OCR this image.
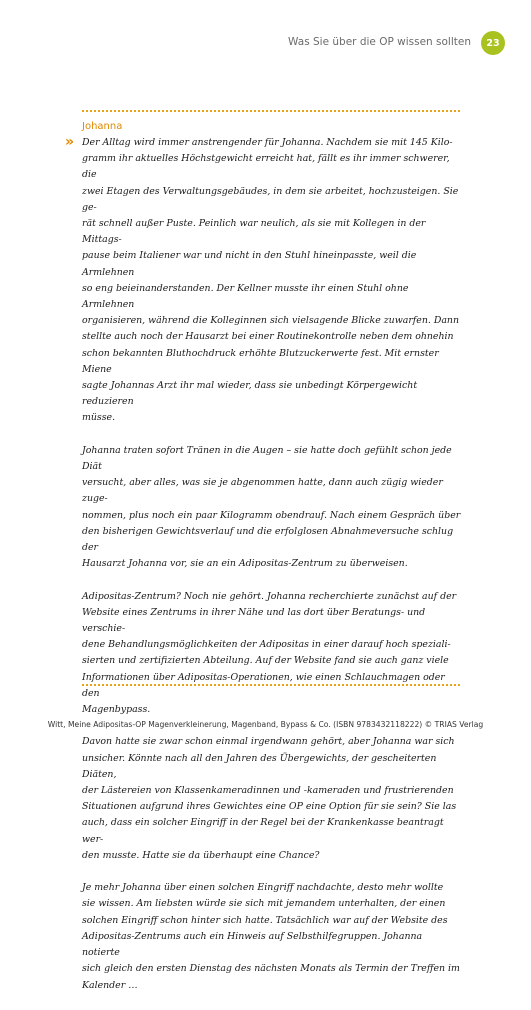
Was Sie über die OP wissen sollten	23
Johanna
» Der Alltag wird immer anstrengender für Johanna. Nachdem sie mit 145 Kilo-
gramm ihr aktuelles Höchstgewicht erreicht hat, fällt es ihr immer schwerer, die
zwei Etagen des Verwaltungsgebäudes, in dem sie arbeitet, hochzusteigen. Sie ge-
rät schnell außer Puste. Peinlich war neulich, als sie mit Kollegen in der Mittags-
pause beim Italiener war und nicht in den Stuhl hineinpasste, weil die Armlehnen
so eng beieinanderstanden. Der Kellner musste ihr einen Stuhl ohne Armlehnen
organisieren, während die Kolleginnen sich vielsagende Blicke zuwarfen. Dann
stellte auch noch der Hausarzt bei einer Routinekontrolle neben dem ohnehin
schon bekannten Bluthochdruck erhöhte Blutzuckerwerte fest. Mit ernster Miene
sagte Johannas Arzt ihr mal wieder, dass sie unbedingt Körpergewicht reduzieren
müsse.

Johanna traten sofort Tränen in die Augen – sie hatte doch gefühlt schon jede Diät
versucht, aber alles, was sie je abgenommen hatte, dann auch zügig wieder zuge-
nommen, plus noch ein paar Kilogramm obendrauf. Nach einem Gespräch über
den bisherigen Gewichtsverlauf und die erfolglosen Abnahmeversuche schlug der
Hausarzt Johanna vor, sie an ein Adipositas-Zentrum zu überweisen.

Adipositas-Zentrum? Noch nie gehört. Johanna recherchierte zunächst auf der
Website eines Zentrums in ihrer Nähe und las dort über Beratungs- und verschie-
dene Behandlungsmöglichkeiten der Adipositas in einer darauf hoch speziali-
sierten und zertifizierten Abteilung. Auf der Website fand sie auch ganz viele
Informationen über Adipositas-Operationen, wie einen Schlauchmagen oder den
Magenbypass.

Davon hatte sie zwar schon einmal irgendwann gehört, aber Johanna war sich
unsicher. Könnte nach all den Jahren des Übergewichts, der gescheiterten Diäten,
der Lästereien von Klassenkameradinnen und -kameraden und frustrierenden
Situationen aufgrund ihres Gewichtes eine OP eine Option für sie sein? Sie las
auch, dass ein solcher Eingriff in der Regel bei der Krankenkasse beantragt wer-
den musste. Hatte sie da überhaupt eine Chance?

Je mehr Johanna über einen solchen Eingriff nachdachte, desto mehr wollte
sie wissen. Am liebsten würde sie sich mit jemandem unterhalten, der einen
solchen Eingriff schon hinter sich hatte. Tatsächlich war auf der Website des
Adipositas-Zentrums auch ein Hinweis auf Selbsthilfegruppen. Johanna notierte
sich gleich den ersten Dienstag des nächsten Monats als Termin der Treffen im
Kalender …

Witt, Meine Adipositas-OP Magenverkleinerung, Magenband, Bypass & Co. (ISBN 9783432118222) © TRIAS Verlag
